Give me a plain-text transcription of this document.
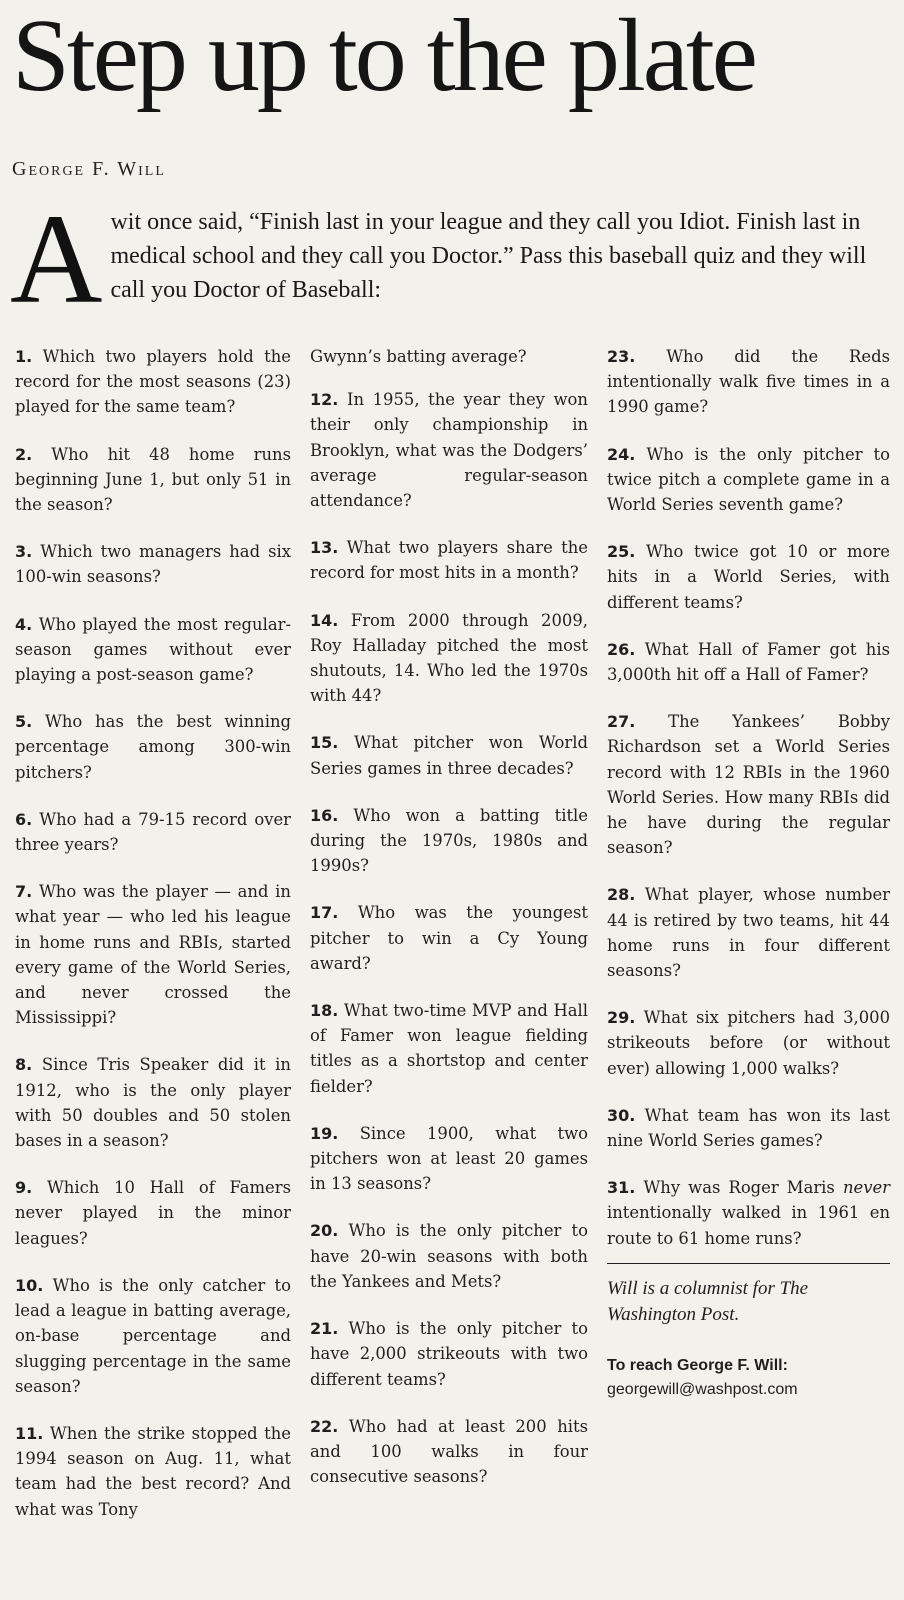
Step up to the plate
George F. Will
A wit once said, “Finish last in your league and they call you Idiot. Finish last in medical school and they call you Doctor.” Pass this baseball quiz and they will call you Doctor of Baseball:

1. Which two players hold the record for the most seasons (23) played for the same team?

2. Who hit 48 home runs beginning June 1, but only 51 in the season?

3. Which two managers had six 100-win seasons?

4. Who played the most regular-season games without ever playing a post-season game?

5. Who has the best winning percentage among 300-win pitchers?

6. Who had a 79-15 record over three years?

7. Who was the player — and in what year — who led his league in home runs and RBIs, started every game of the World Series, and never crossed the Mississippi?

8. Since Tris Speaker did it in 1912, who is the only player with 50 doubles and 50 stolen bases in a season?

9. Which 10 Hall of Famers never played in the minor leagues?

10. Who is the only catcher to lead a league in batting average, on-base percentage and slugging percentage in the same season?

11. When the strike stopped the 1994 season on Aug. 11, what team had the best record? And what was Tony

Gwynn’s batting average?

12. In 1955, the year they won their only championship in Brooklyn, what was the Dodgers’ average regular-season attendance?

13. What two players share the record for most hits in a month?

14. From 2000 through 2009, Roy Halladay pitched the most shutouts, 14. Who led the 1970s with 44?

15. What pitcher won World Series games in three decades?

16. Who won a batting title during the 1970s, 1980s and 1990s?

17. Who was the youngest pitcher to win a Cy Young award?

18. What two-time MVP and Hall of Famer won league fielding titles as a shortstop and center fielder?

19. Since 1900, what two pitchers won at least 20 games in 13 seasons?

20. Who is the only pitcher to have 20-win seasons with both the Yankees and Mets?

21. Who is the only pitcher to have 2,000 strikeouts with two different teams?

22. Who had at least 200 hits and 100 walks in four consecutive seasons?

23. Who did the Reds intentionally walk five times in a 1990 game?

24. Who is the only pitcher to twice pitch a complete game in a World Series seventh game?

25. Who twice got 10 or more hits in a World Series, with different teams?

26. What Hall of Famer got his 3,000th hit off a Hall of Famer?

27. The Yankees’ Bobby Richardson set a World Series record with 12 RBIs in the 1960 World Series. How many RBIs did he have during the regular season?

28. What player, whose number 44 is retired by two teams, hit 44 home runs in four different seasons?

29. What six pitchers had 3,000 strikeouts before (or without ever) allowing 1,000 walks?

30. What team has won its last nine World Series games?

31. Why was Roger Maris never intentionally walked in 1961 en route to 61 home runs?

Will is a columnist for The Washington Post.
To reach George F. Will:
georgewill@washpost.com
